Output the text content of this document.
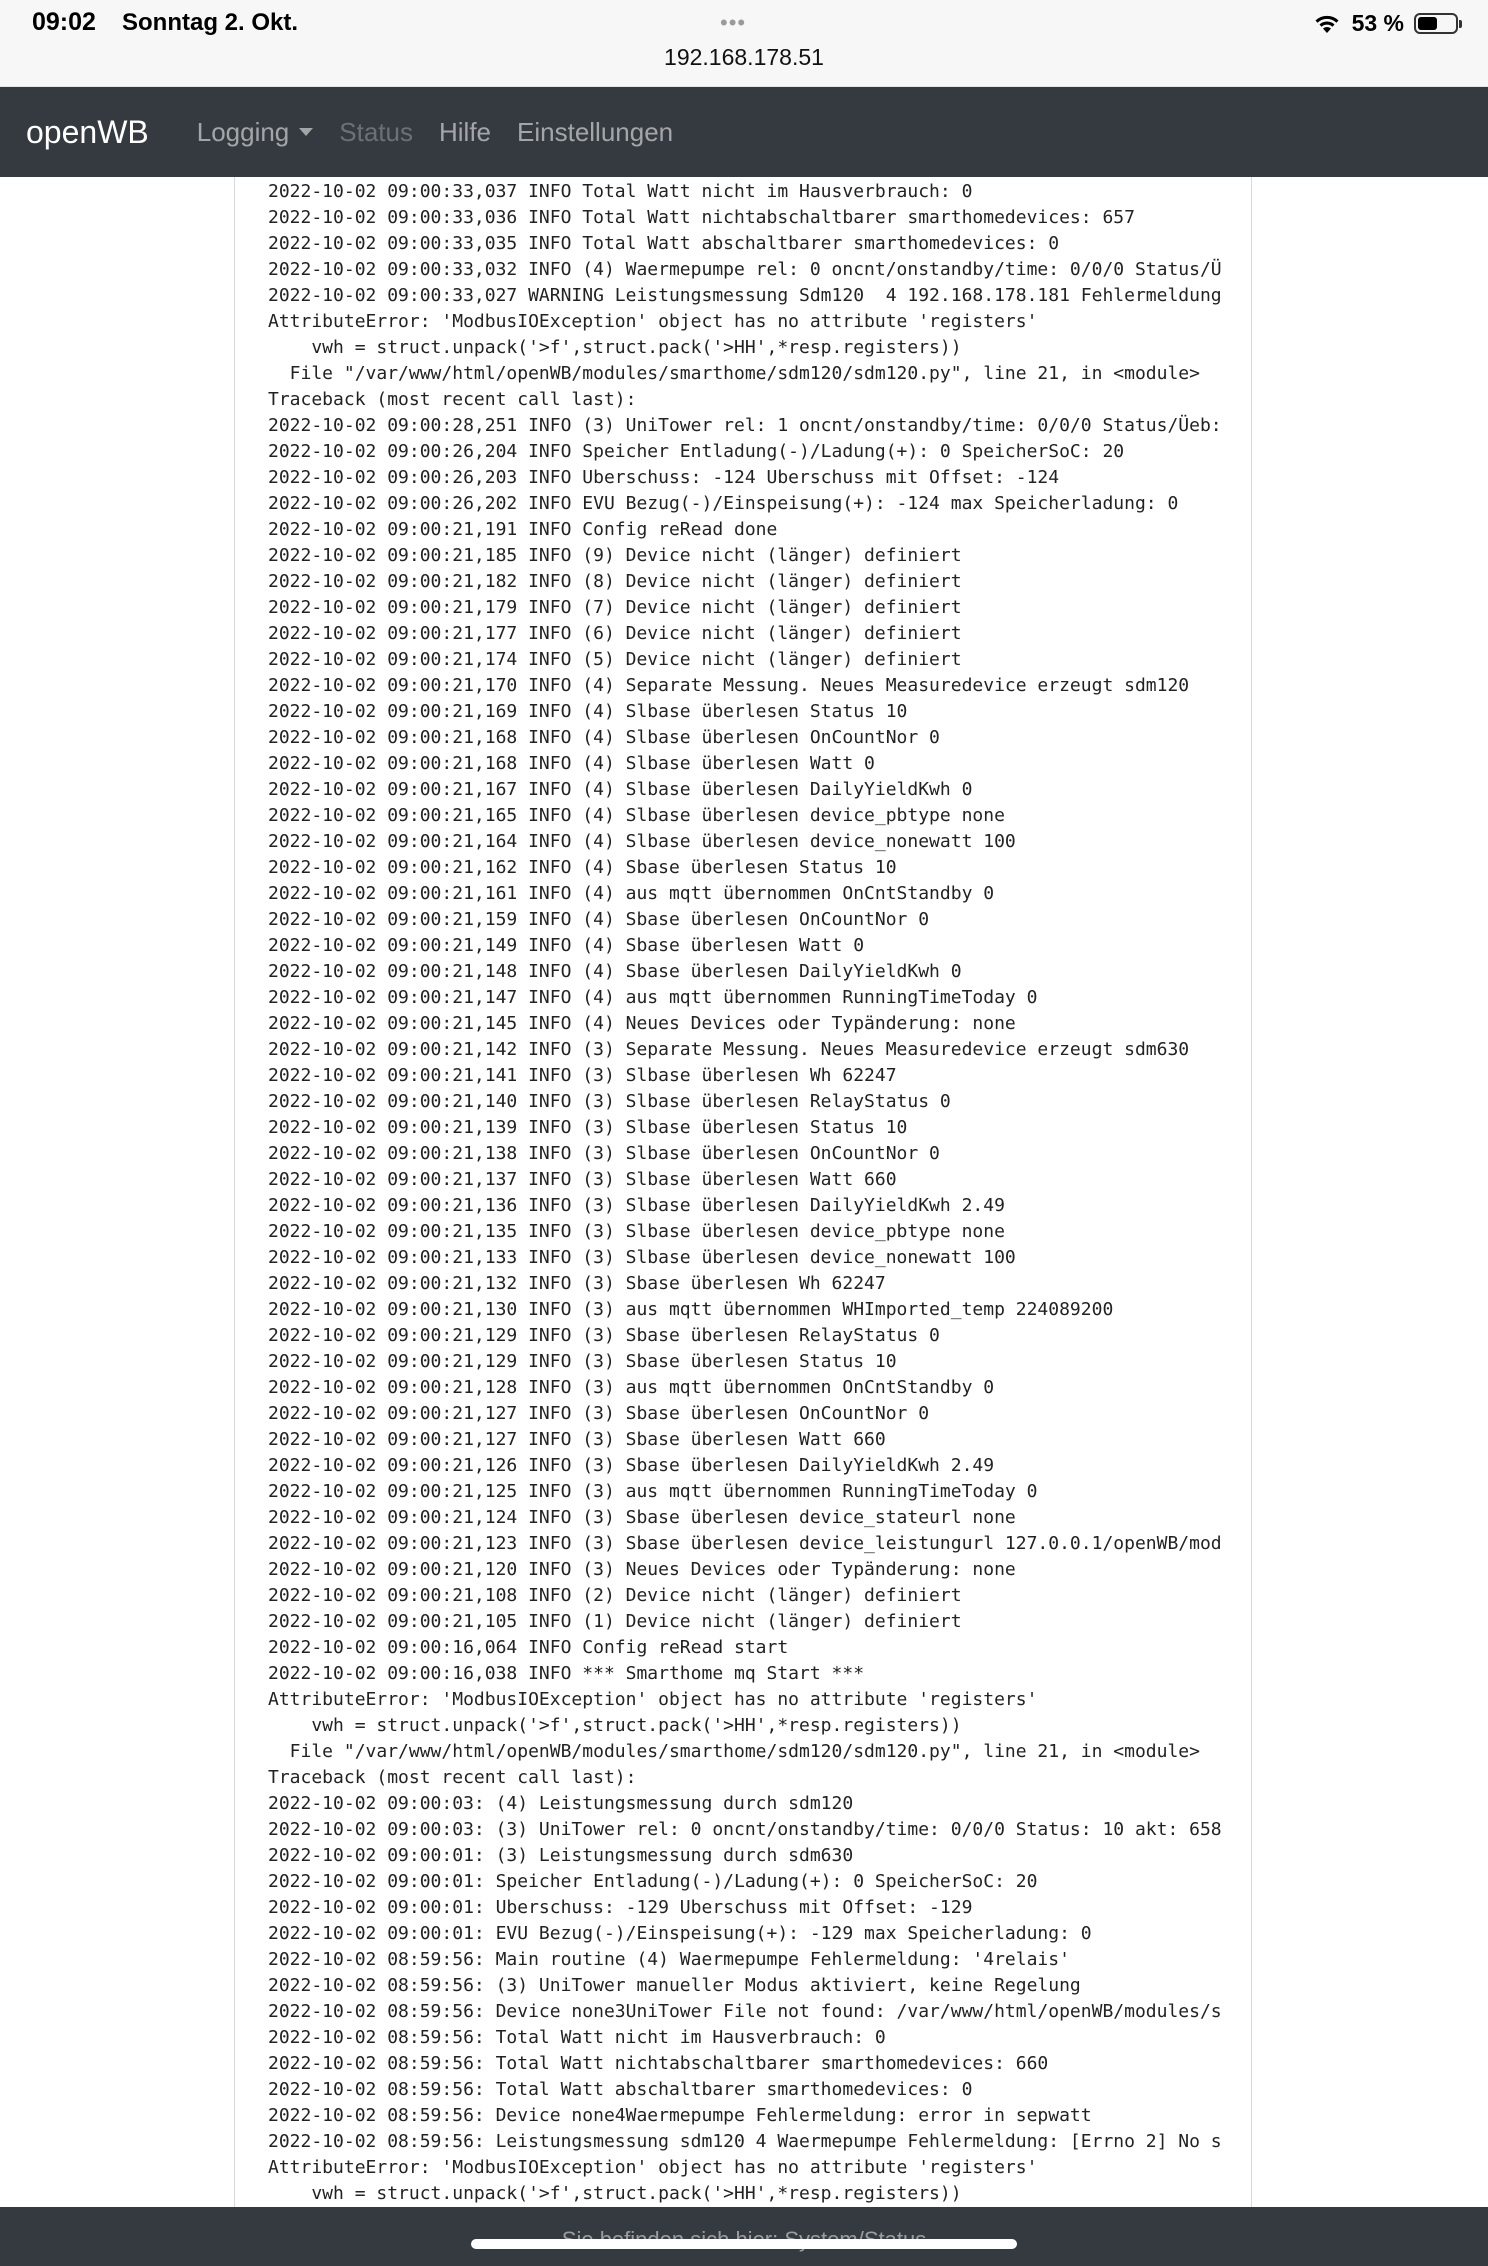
09:02 Sonntag 2. Okt.	•••
192.168.178.51
53 %
openWB Logging Status Hilfe Einstellungen
2022-10-02 09:00:33,037 INFO Total Watt nicht im Hausverbrauch: 0
2022-10-02 09:00:33,036 INFO Total Watt nichtabschaltbarer smarthomedevices: 657
2022-10-02 09:00:33,035 INFO Total Watt abschaltbarer smarthomedevices: 0
2022-10-02 09:00:33,032 INFO (4) Waermepumpe rel: 0 oncnt/onstandby/time: 0/0/0 Status/Ü
2022-10-02 09:00:33,027 WARNING Leistungsmessung Sdm120  4 192.168.178.181 Fehlermeldung
AttributeError: 'ModbusIOException' object has no attribute 'registers'
vwh = struct.unpack('>f',struct.pack('>HH',*resp.registers))
File "/var/www/html/openWB/modules/smarthome/sdm120/sdm120.py", line 21, in <module>
Traceback (most recent call last):
2022-10-02 09:00:28,251 INFO (3) UniTower rel: 1 oncnt/onstandby/time: 0/0/0 Status/Üeb:
2022-10-02 09:00:26,204 INFO Speicher Entladung(-)/Ladung(+): 0 SpeicherSoC: 20
2022-10-02 09:00:26,203 INFO Uberschuss: -124 Uberschuss mit Offset: -124
2022-10-02 09:00:26,202 INFO EVU Bezug(-)/Einspeisung(+): -124 max Speicherladung: 0
2022-10-02 09:00:21,191 INFO Config reRead done
2022-10-02 09:00:21,185 INFO (9) Device nicht (länger) definiert
2022-10-02 09:00:21,182 INFO (8) Device nicht (länger) definiert
2022-10-02 09:00:21,179 INFO (7) Device nicht (länger) definiert
2022-10-02 09:00:21,177 INFO (6) Device nicht (länger) definiert
2022-10-02 09:00:21,174 INFO (5) Device nicht (länger) definiert
2022-10-02 09:00:21,170 INFO (4) Separate Messung. Neues Measuredevice erzeugt sdm120
2022-10-02 09:00:21,169 INFO (4) Slbase überlesen Status 10
2022-10-02 09:00:21,168 INFO (4) Slbase überlesen OnCountNor 0
2022-10-02 09:00:21,168 INFO (4) Slbase überlesen Watt 0
2022-10-02 09:00:21,167 INFO (4) Slbase überlesen DailyYieldKwh 0
2022-10-02 09:00:21,165 INFO (4) Slbase überlesen device_pbtype none
2022-10-02 09:00:21,164 INFO (4) Slbase überlesen device_nonewatt 100
2022-10-02 09:00:21,162 INFO (4) Sbase überlesen Status 10
2022-10-02 09:00:21,161 INFO (4) aus mqtt übernommen OnCntStandby 0
2022-10-02 09:00:21,159 INFO (4) Sbase überlesen OnCountNor 0
2022-10-02 09:00:21,149 INFO (4) Sbase überlesen Watt 0
2022-10-02 09:00:21,148 INFO (4) Sbase überlesen DailyYieldKwh 0
2022-10-02 09:00:21,147 INFO (4) aus mqtt übernommen RunningTimeToday 0
2022-10-02 09:00:21,145 INFO (4) Neues Devices oder Typänderung: none
2022-10-02 09:00:21,142 INFO (3) Separate Messung. Neues Measuredevice erzeugt sdm630
2022-10-02 09:00:21,141 INFO (3) Slbase überlesen Wh 62247
2022-10-02 09:00:21,140 INFO (3) Slbase überlesen RelayStatus 0
2022-10-02 09:00:21,139 INFO (3) Slbase überlesen Status 10
2022-10-02 09:00:21,138 INFO (3) Slbase überlesen OnCountNor 0
2022-10-02 09:00:21,137 INFO (3) Slbase überlesen Watt 660
2022-10-02 09:00:21,136 INFO (3) Slbase überlesen DailyYieldKwh 2.49
2022-10-02 09:00:21,135 INFO (3) Slbase überlesen device_pbtype none
2022-10-02 09:00:21,133 INFO (3) Slbase überlesen device_nonewatt 100
2022-10-02 09:00:21,132 INFO (3) Sbase überlesen Wh 62247
2022-10-02 09:00:21,130 INFO (3) aus mqtt übernommen WHImported_temp 224089200
2022-10-02 09:00:21,129 INFO (3) Sbase überlesen RelayStatus 0
2022-10-02 09:00:21,129 INFO (3) Sbase überlesen Status 10
2022-10-02 09:00:21,128 INFO (3) aus mqtt übernommen OnCntStandby 0
2022-10-02 09:00:21,127 INFO (3) Sbase überlesen OnCountNor 0
2022-10-02 09:00:21,127 INFO (3) Sbase überlesen Watt 660
2022-10-02 09:00:21,126 INFO (3) Sbase überlesen DailyYieldKwh 2.49
2022-10-02 09:00:21,125 INFO (3) aus mqtt übernommen RunningTimeToday 0
2022-10-02 09:00:21,124 INFO (3) Sbase überlesen device_stateurl none
2022-10-02 09:00:21,123 INFO (3) Sbase überlesen device_leistungurl 127.0.0.1/openWB/mod
2022-10-02 09:00:21,120 INFO (3) Neues Devices oder Typänderung: none
2022-10-02 09:00:21,108 INFO (2) Device nicht (länger) definiert
2022-10-02 09:00:21,105 INFO (1) Device nicht (länger) definiert
2022-10-02 09:00:16,064 INFO Config reRead start
2022-10-02 09:00:16,038 INFO *** Smarthome mq Start ***
AttributeError: 'ModbusIOException' object has no attribute 'registers'
vwh = struct.unpack('>f',struct.pack('>HH',*resp.registers))
File "/var/www/html/openWB/modules/smarthome/sdm120/sdm120.py", line 21, in <module>
Traceback (most recent call last):
2022-10-02 09:00:03: (4) Leistungsmessung durch sdm120
2022-10-02 09:00:03: (3) UniTower rel: 0 oncnt/onstandby/time: 0/0/0 Status: 10 akt: 658
2022-10-02 09:00:01: (3) Leistungsmessung durch sdm630
2022-10-02 09:00:01: Speicher Entladung(-)/Ladung(+): 0 SpeicherSoC: 20
2022-10-02 09:00:01: Uberschuss: -129 Uberschuss mit Offset: -129
2022-10-02 09:00:01: EVU Bezug(-)/Einspeisung(+): -129 max Speicherladung: 0
2022-10-02 08:59:56: Main routine (4) Waermepumpe Fehlermeldung: '4relais'
2022-10-02 08:59:56: (3) UniTower manueller Modus aktiviert, keine Regelung
2022-10-02 08:59:56: Device none3UniTower File not found: /var/www/html/openWB/modules/s
2022-10-02 08:59:56: Total Watt nicht im Hausverbrauch: 0
2022-10-02 08:59:56: Total Watt nichtabschaltbarer smarthomedevices: 660
2022-10-02 08:59:56: Total Watt abschaltbarer smarthomedevices: 0
2022-10-02 08:59:56: Device none4Waermepumpe Fehlermeldung: error in sepwatt
2022-10-02 08:59:56: Leistungsmessung sdm120 4 Waermepumpe Fehlermeldung: [Errno 2] No s
AttributeError: 'ModbusIOException' object has no attribute 'registers'
vwh = struct.unpack('>f',struct.pack('>HH',*resp.registers))
